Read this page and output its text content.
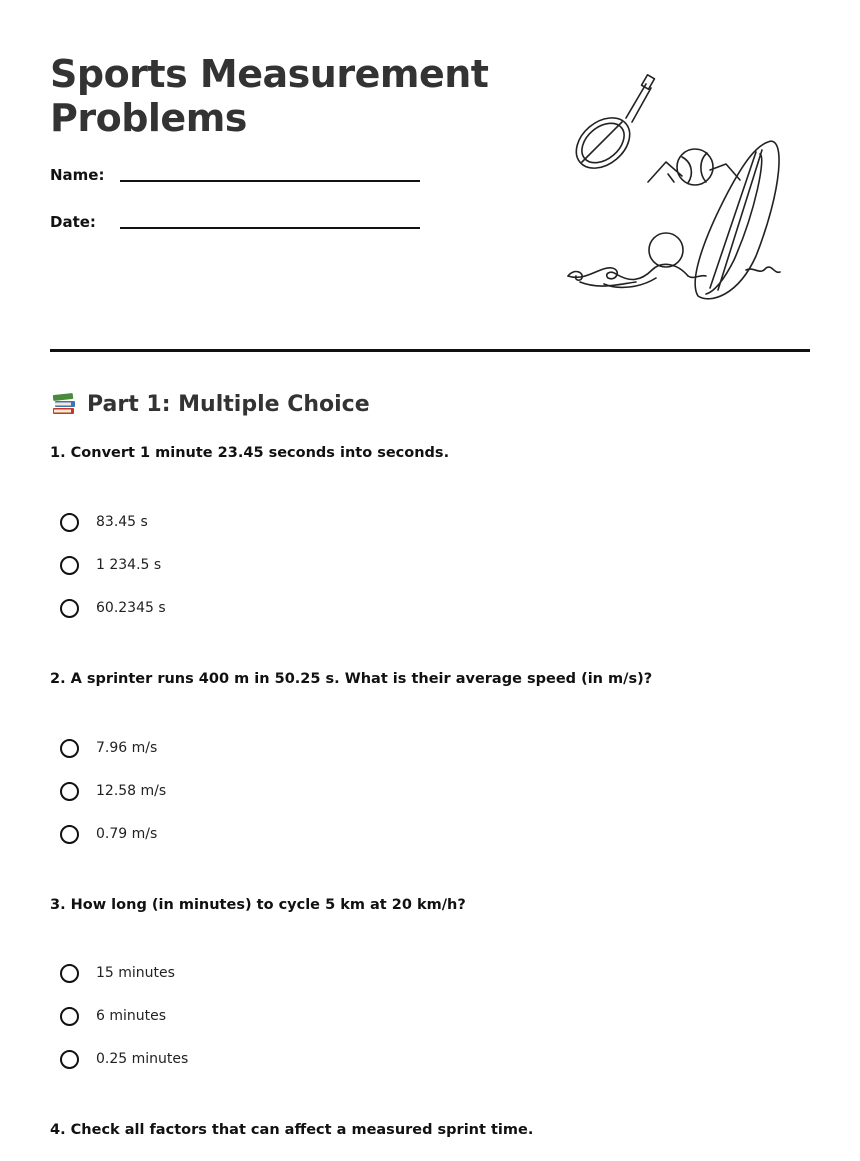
Sports Measurement
Problems
Name:
Date:
Part 1: Multiple Choice

1. Convert 1 minute 23.45 seconds into seconds.

83.45 s
1 234.5 s
60.2345 s

2. A sprinter runs 400 m in 50.25 s. What is their average speed (in m/s)?

7.96 m/s
12.58 m/s
0.79 m/s

3. How long (in minutes) to cycle 5 km at 20 km/h?

15 minutes
6 minutes
0.25 minutes

4. Check all factors that can affect a measured sprint time.
